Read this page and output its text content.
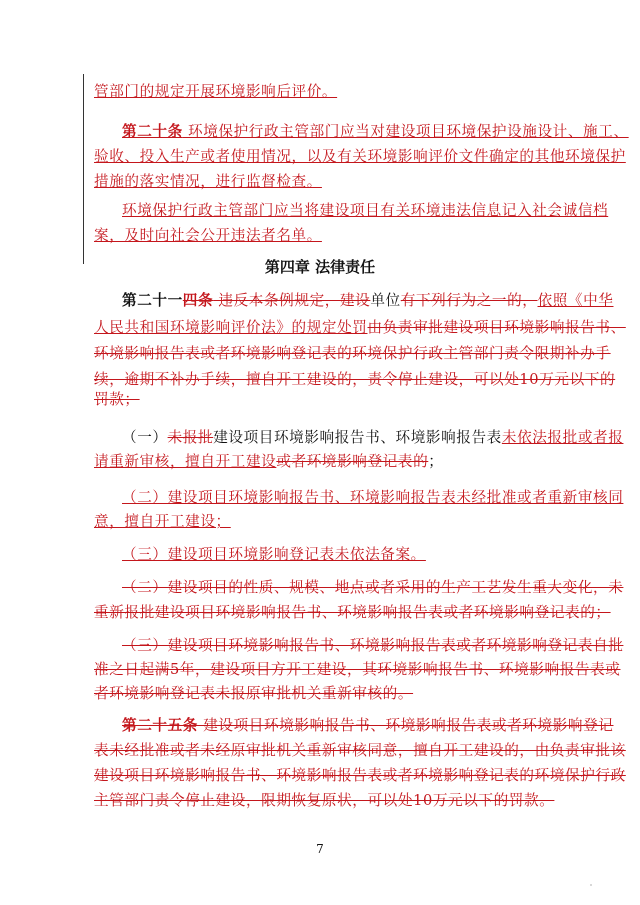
管部门的规定开展环境影响后评价。
第二十条 环境保护行政主管部门应当对建设项目环境保护设施设计、施工、
验收、投入生产或者使用情况，以及有关环境影响评价文件确定的其他环境保护
措施的落实情况，进行监督检查。
环境保护行政主管部门应当将建设项目有关环境违法信息记入社会诚信档
案，及时向社会公开违法者名单。
第四章 法律责任
第二十一四条 违反本条例规定，建设单位有下列行为之一的，依照《中华
人民共和国环境影响评价法》的规定处罚由负责审批建设项目环境影响报告书、
环境影响报告表或者环境影响登记表的环境保护行政主管部门责令限期补办手
续，逾期不补办手续，擅自开工建设的，责令停止建设，可以处10万元以下的
罚款；
（一）未报批建设项目环境影响报告书、环境影响报告表未依法报批或者报
请重新审核，擅自开工建设或者环境影响登记表的；
（二）建设项目环境影响报告书、环境影响报告表未经批准或者重新审核同
意，擅自开工建设；
（三）建设项目环境影响登记表未依法备案。
（二）建设项目的性质、规模、地点或者采用的生产工艺发生重大变化，未
重新报批建设项目环境影响报告书、环境影响报告表或者环境影响登记表的；
（三）建设项目环境影响报告书、环境影响报告表或者环境影响登记表自批
准之日起满5年，建设项目方开工建设，其环境影响报告书、环境影响报告表或
者环境影响登记表未报原审批机关重新审核的。
第二十五条 建设项目环境影响报告书、环境影响报告表或者环境影响登记
表未经批准或者未经原审批机关重新审核同意，擅自开工建设的，由负责审批该
建设项目环境影响报告书、环境影响报告表或者环境影响登记表的环境保护行政
主管部门责令停止建设，限期恢复原状，可以处10万元以下的罚款。
7
